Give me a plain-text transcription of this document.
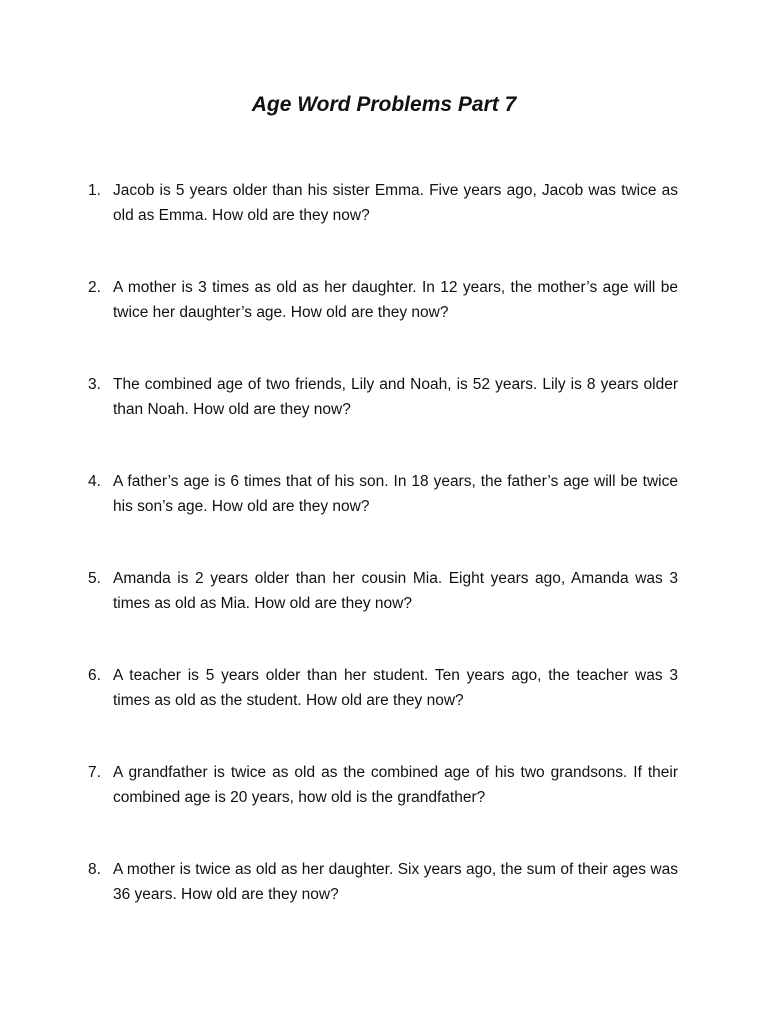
Age Word Problems Part 7
1. Jacob is 5 years older than his sister Emma. Five years ago, Jacob was twice as old as Emma. How old are they now?
2. A mother is 3 times as old as her daughter. In 12 years, the mother’s age will be twice her daughter’s age. How old are they now?
3. The combined age of two friends, Lily and Noah, is 52 years. Lily is 8 years older than Noah. How old are they now?
4. A father’s age is 6 times that of his son. In 18 years, the father’s age will be twice his son’s age. How old are they now?
5. Amanda is 2 years older than her cousin Mia. Eight years ago, Amanda was 3 times as old as Mia. How old are they now?
6. A teacher is 5 years older than her student. Ten years ago, the teacher was 3 times as old as the student. How old are they now?
7. A grandfather is twice as old as the combined age of his two grandsons. If their combined age is 20 years, how old is the grandfather?
8. A mother is twice as old as her daughter. Six years ago, the sum of their ages was 36 years. How old are they now?
